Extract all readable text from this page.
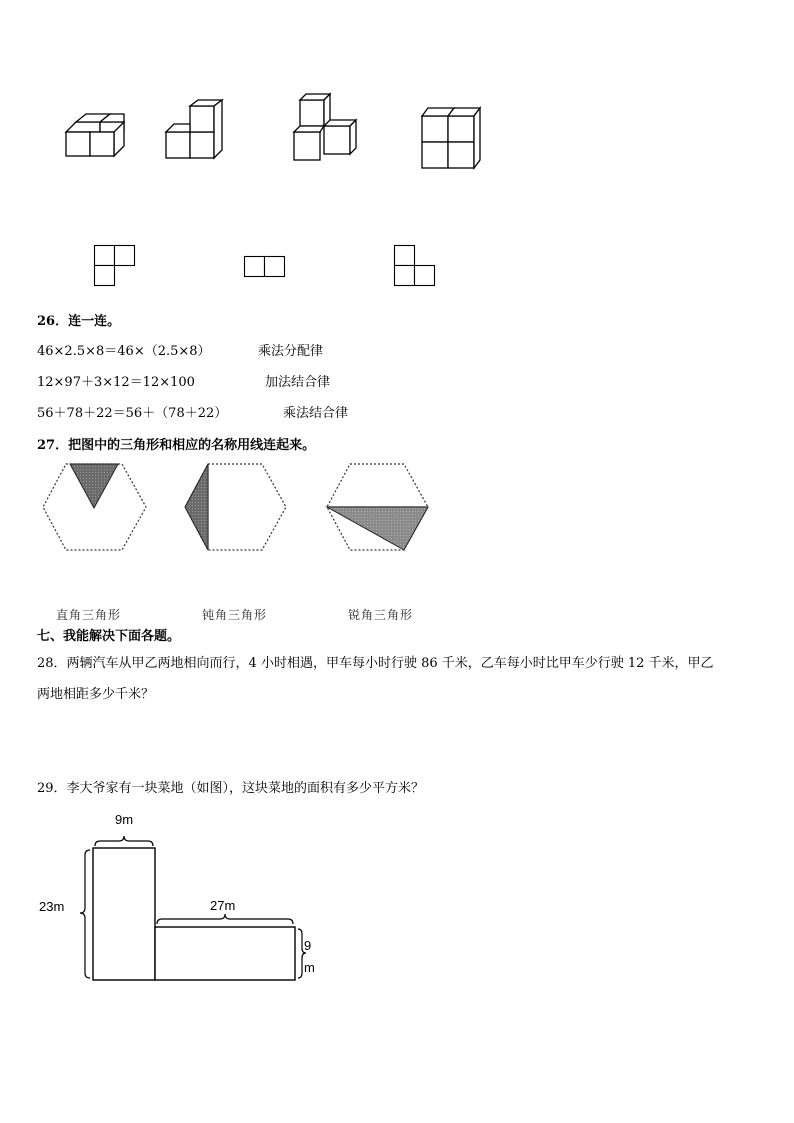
26．连一连。
46×2.5×8＝46×（2.5×8）	乘法分配律
12×97＋3×12＝12×100	加法结合律
56＋78＋22＝56＋（78＋22）	乘法结合律
27．把图中的三角形和相应的名称用线连起来。
直角三角形	钝角三角形	锐角三角形
七、我能解决下面各题。
28．两辆汽车从甲乙两地相向而行，4 小时相遇，甲车每小时行驶 86 千米，乙车每小时比甲车少行驶 12 千米，甲乙
两地相距多少千米？
29．李大爷家有一块菜地（如图），这块菜地的面积有多少平方米？
9m
23m	27m
9
m
